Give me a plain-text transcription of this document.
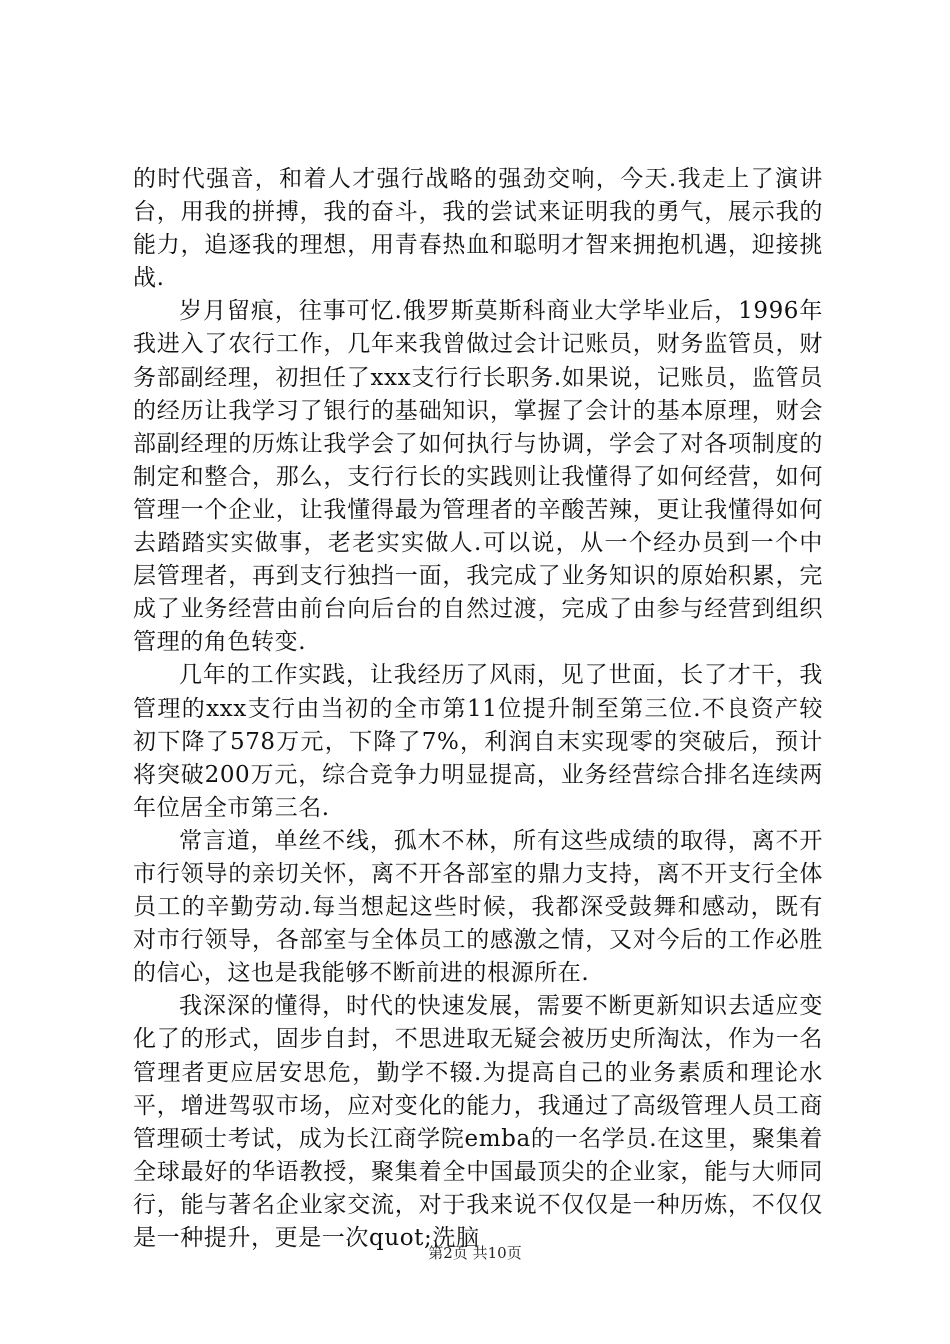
的时代强音，和着人才强行战略的强劲交响，今天.我走上了演讲台，用我的拼搏，我的奋斗，我的尝试来证明我的勇气，展示我的能力，追逐我的理想，用青春热血和聪明才智来拥抱机遇，迎接挑战.

岁月留痕，往事可忆.俄罗斯莫斯科商业大学毕业后，1996年我进入了农行工作，几年来我曾做过会计记账员，财务监管员，财务部副经理，初担任了xxx支行行长职务.如果说，记账员，监管员的经历让我学习了银行的基础知识，掌握了会计的基本原理，财会部副经理的历炼让我学会了如何执行与协调，学会了对各项制度的制定和整合，那么，支行行长的实践则让我懂得了如何经营，如何管理一个企业，让我懂得最为管理者的辛酸苦辣，更让我懂得如何去踏踏实实做事，老老实实做人.可以说，从一个经办员到一个中层管理者，再到支行独挡一面，我完成了业务知识的原始积累，完成了业务经营由前台向后台的自然过渡，完成了由参与经营到组织管理的角色转变.

几年的工作实践，让我经历了风雨，见了世面，长了才干，我管理的xxx支行由当初的全市第11位提升制至第三位.不良资产较初下降了578万元，下降了7%，利润自末实现零的突破后，预计将突破200万元，综合竞争力明显提高，业务经营综合排名连续两年位居全市第三名.

常言道，单丝不线，孤木不林，所有这些成绩的取得，离不开市行领导的亲切关怀，离不开各部室的鼎力支持，离不开支行全体员工的辛勤劳动.每当想起这些时候，我都深受鼓舞和感动，既有对市行领导，各部室与全体员工的感激之情，又对今后的工作必胜的信心，这也是我能够不断前进的根源所在.

我深深的懂得，时代的快速发展，需要不断更新知识去适应变化了的形式，固步自封，不思进取无疑会被历史所淘汰，作为一名管理者更应居安思危，勤学不辍.为提高自己的业务素质和理论水平，增进驾驭市场，应对变化的能力，我通过了高级管理人员工商管理硕士考试，成为长江商学院emba的一名学员.在这里，聚集着全球最好的华语教授，聚集着全中国最顶尖的企业家，能与大师同行，能与著名企业家交流，对于我来说不仅仅是一种历炼，不仅仅是一种提升，更是一次quot;洗脑

第2页 共10页
